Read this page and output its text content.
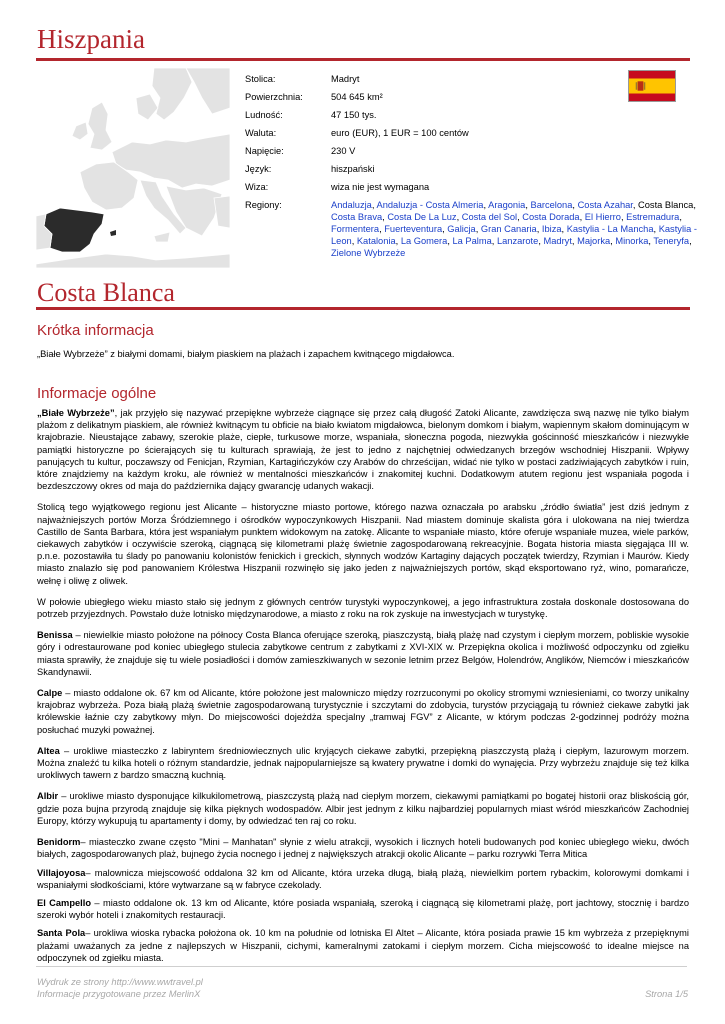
Hiszpania
Stolica:	Madryt
Powierzchnia:	504 645 km²
Ludność:	47 150 tys.
Waluta:	euro (EUR), 1 EUR = 100 centów
Napięcie:	230 V
Język:	hiszpański
Wiza:	wiza nie jest wymagana
Regiony:	Andaluzja, Andaluzja - Costa Almeria, Aragonia, Barcelona, Costa Azahar, Costa Blanca, Costa Brava, Costa De La Luz, Costa del Sol, Costa Dorada, El Hierro, Estremadura, Formentera, Fuerteventura, Galicja, Gran Canaria, Ibiza, Kastylia - La Mancha, Kastylia - Leon, Katalonia, La Gomera, La Palma, Lanzarote, Madryt, Majorka, Minorka, Teneryfa, Zielone Wybrzeże
Costa Blanca
Krótka informacja

„Białe Wybrzeże” z białymi domami, białym piaskiem na plażach i zapachem kwitnącego migdałowca.

Informacje ogólne

„Białe Wybrzeże”, jak przyjęło się nazywać przepiękne wybrzeże ciągnące się przez całą długość Zatoki Alicante, zawdzięcza swą nazwę nie tylko białym plażom z delikatnym piaskiem, ale również kwitnącym tu obficie na biało kwiatom migdałowca, bielonym domkom i białym, wapiennym skałom dominującym w krajobrazie. Nieustające zabawy, szerokie plaże, ciepłe, turkusowe morze, wspaniała, słoneczna pogoda, niezwykła gościnność mieszkańców i niezwykłe pamiątki historyczne po ścierających się tu kulturach sprawiają, że jest to jedno z najchętniej odwiedzanych brzegów wschodniej Hiszpanii. Wpływy panujących tu kultur, poczawszy od Fenicjan, Rzymian, Kartagińczyków czy Arabów do chrześcijan, widać nie tylko w postaci zadziwiających zabytków i ruin, które znajdziemy na każdym kroku, ale również w mentalności mieszkańców i znakomitej kuchni. Dodatkowym atutem regionu jest wspaniała pogoda i bezdeszczowy okres od maja do października dający gwarancję udanych wakacji.

Stolicą tego wyjątkowego regionu jest Alicante – historyczne miasto portowe, którego nazwa oznaczała po arabsku „źródło światła” jest dziś jednym z najważniejszych portów Morza Śródziemnego i ośrodków wypoczynkowych Hiszpanii. Nad miastem dominuje skalista góra i ulokowana na niej twierdza Castillo de Santa Barbara, która jest wspaniałym punktem widokowym na zatokę. Alicante to wspaniałe miasto, które oferuje wspaniałe muzea, wiele parków, ciekawych zabytków i oczywiście szeroką, ciągnącą się kilometrami plażę świetnie zagospodarowaną rekreacyjnie. Bogata historia miasta sięgająca III w. p.n.e. pozostawiła tu ślady po panowaniu kolonistów fenickich i greckich, słynnych wodzów Kartaginy dających początek twierdzy, Rzymian i Maurów. Kiedy miasto znalazło się pod panowaniem Królestwa Hiszpanii rozwinęło się jako jeden z najważniejszych portów, skąd eksportowano ryż, wino, pomarańcze, wełnę i oliwę z oliwek.

W połowie ubiegłego wieku miasto stało się jednym z głównych centrów turystyki wypoczynkowej, a jego infrastruktura została doskonale dostosowana do potrzeb przyjezdnych. Powstało duże lotnisko międzynarodowe, a miasto z roku na rok zyskuje na inwestycjach w turystykę.

Benissa – niewielkie miasto położone na północy Costa Blanca oferujące szeroką, piaszczystą, białą plażę nad czystym i ciepłym morzem, pobliskie wysokie góry i odrestaurowane pod koniec ubiegłego stulecia zabytkowe centrum z zabytkami z XVI-XIX w. Przepiękna okolica i możliwość odpoczynku od zgiełku miasta sprawiły, że znajduje się tu wiele posiadłości i domów zamieszkiwanych w sezonie letnim przez Belgów, Holendrów, Anglików, Niemców i mieszkańców Skandynawii.

Calpe – miasto oddalone ok. 67 km od Alicante, które położone jest malowniczo między rozrzuconymi po okolicy stromymi wzniesieniami, co tworzy unikalny krajobraz wybrzeża. Poza białą plażą świetnie zagospodarowaną turystycznie i szczytami do zdobycia, turystów przyciągają tu również ciekawe zabytki jak królewskie łaźnie czy zabytkowy młyn. Do miejscowości dojeżdża specjalny „tramwaj FGV” z Alicante, w którym podczas 2-godzinnej podróży można posłuchać muzyki poważnej.

Altea – urokliwe miasteczko z labiryntem średniowiecznych ulic kryjących ciekawe zabytki, przepiękną piaszczystą plażą i ciepłym, lazurowym morzem. Można znaleźć tu kilka hoteli o różnym standardzie, jednak najpopularniejsze są kwatery prywatne i domki do wynajęcia. Przy wybrzeżu znajduje się też kilka urokliwych tawern z bardzo smaczną kuchnią.

Albir – urokliwe miasto dysponujące kilkukilometrową, piaszczystą plażą nad ciepłym morzem, ciekawymi pamiątkami po bogatej historii oraz bliskością gór, gdzie poza bujna przyrodą znajduje się kilka pięknych wodospadów. Albir jest jednym z kilku najbardziej popularnych miast wśród mieszkańców Zachodniej Europy, którzy wykupują tu apartamenty i domy, by odwiedzać ten raj co roku.

Benidorm– miasteczko zwane często "Mini – Manhatan" słynie z wielu atrakcji, wysokich i licznych hoteli budowanych pod koniec ubiegłego wieku, dwóch białych, zagospodarowanych plaż, bujnego życia nocnego i jednej z największych atrakcji okolic Alicante – parku rozrywki Terra Mitica

Villajoyosa– malownicza miejscowość oddalona 32 km od Alicante, która urzeka długą, białą plażą, niewielkim portem rybackim, kolorowymi domkami i wspaniałymi słodkościami, które wytwarzane są w fabryce czekolady.

El Campello – miasto oddalone ok. 13 km od Alicante, które posiada wspaniałą, szeroką i ciągnącą się kilometrami plażę, port jachtowy, stocznię i bardzo szeroki wybór hoteli i znakomitych restauracji.

Santa Pola– urokliwa wioska rybacka położona ok. 10 km na południe od lotniska El Altet – Alicante, która posiada prawie 15 km wybrzeża z przepięknymi plażami uważanych za jedne z najlepszych w Hiszpanii, cichymi, kameralnymi zatokami i ciepłym morzem. Cicha miejscowość to idealne miejsce na odpoczynek od zgiełku miasta.

Wydruk ze strony http://www.wwtravel.pl
Informacje przygotowane przez MerlinX	Strona 1/5
